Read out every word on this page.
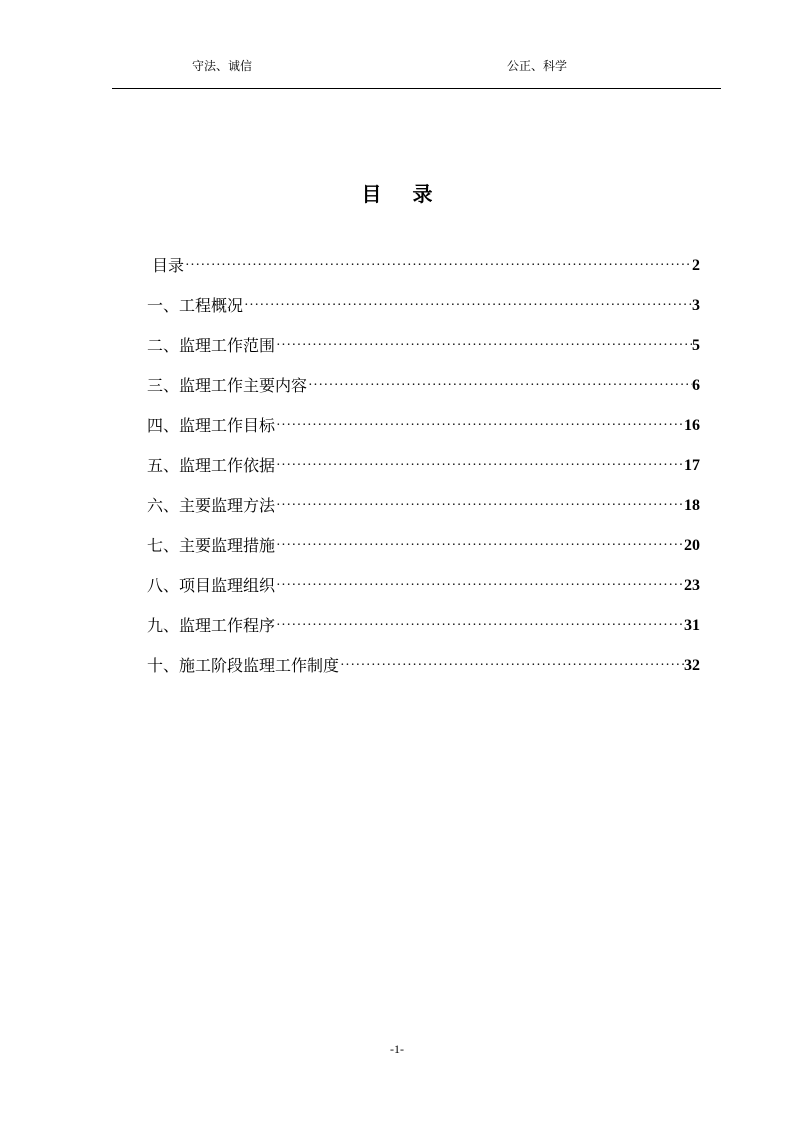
守法、诚信	公正、科学
目 录
目录 ·····	2
一、工程概况 ·····	3
二、监理工作范围 ·····	5
三、监理工作主要内容 ·····	6
四、监理工作目标 ·····	16
五、监理工作依据 ·····	17
六、主要监理方法 ·····	18
七、主要监理措施 ·····	20
八、项目监理组织 ·····	23
九、监理工作程序 ·····	31
十、施工阶段监理工作制度 ·····	32
-1-
